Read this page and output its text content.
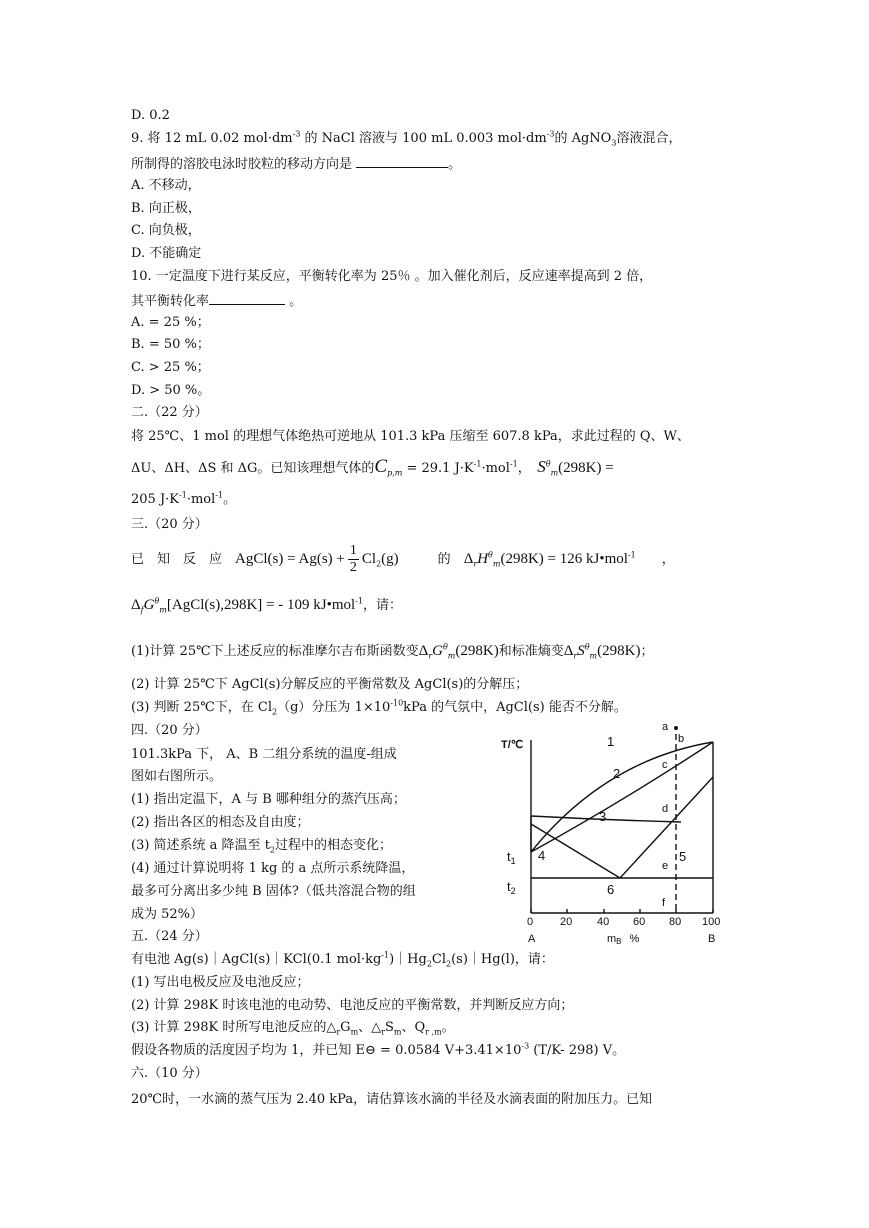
D. 0.2
9. 将 12 mL 0.02 $mol\cdot dm^{-3}$ 的 NaCl 溶液与 100 mL 0.003 $mol\cdot dm^{-3}$的 AgNO$_3$溶液混合，
所制得的溶胶电泳时胶粒的移动方向是	。
A. 不移动，
B. 向正极，
C. 向负极，
D. 不能确定
10. 一定温度下进行某反应，平衡转化率为 25％ 。加入催化剂后，反应速率提高到 2 倍，
其平衡转化率	。
A. = 25 %；
B. = 50 %；
C. > 25 %；
D. > 50 %。
二.（22 分）
将 25℃、1 mol 的理想气体绝热可逆地从 101.3 kPa 压缩至 607.8 kPa，求此过程的 Q、W、
ΔU、ΔH、ΔS 和 ΔG。已知该理想气体的$C_{p,m} = 29.1$ $J\cdot K^{-1}\cdot mol^{-1}$，　 $S^\theta_m(298K)$ =
205 $J\cdot K^{-1}\cdot mol^{-1}$。
三.（20 分）
已　知　反　应　 AgCl(s) = $Ag(s) + \frac{1}{2} Cl_2(g)$　　　	的　 $\Delta_rH^\theta_m(298K) = 126$ kJ•mol$^{-1}$　　 ，
$\Delta_fG^\theta_m[AgCl(s),298K]$ = - 109 kJ•mol$^{-1}$，请：
(1)计算 25℃下上述反应的标准摩尔吉布斯函数变$\Delta_rG^\theta_m(298K)$和标准熵变$\Delta_rS^\theta_m(298K)$；
(2) 计算 25℃下 AgCl(s)分解反应的平衡常数及 AgCl(s)的分解压；
(3) 判断 25℃下，在 $Cl_2(g)$分压为 $1\times 10^{-10}kPa$ 的气氛中，AgCl(s) 能否不分解。
四.（20 分）
101.3kPa 下， A、B 二组分系统的温度-组成
图如右图所示。
(1) 指出定温下，A 与 B 哪种组分的蒸汽压高；
(2) 指出各区的相态及自由度；
(3) 简述系统 a 降温至 $t_2$过程中的相态变化；
(4) 通过计算说明将 1 kg 的 a 点所示系统降温，
最多可分离出多少纯 B 固体?（低共溶混合物的组
成为 52%）
T/℃	1
2
3
4	5
6
a
b
c
d
e
f
$t_1$
$t_2$
0 20 40 60 80 100
A	B
mB %
五.（24 分）
有电池 Ag(s)｜AgCl(s)｜KCl(0.1 $mol\cdot kg^{-1})|Hg_2Cl_2(s)|Hg(l)$，请：
(1) 写出电极反应及电池反应；
(2) 计算 298K 时该电池的电动势、电池反应的平衡常数，并判断反应方向；
(3) 计算 298K 时所写电池反应的$\triangle_rG_m$、$\triangle_rS_m$、$Q_{r ,m}$。
假设各物质的活度因子均为 1，并已知 E⊖ = 0.0584 $V+3.41\times 10^{-3}$ (T/K- 298) V。
六.（10 分）
20℃时，一水滴的蒸气压为 2.40 kPa，请估算该水滴的半径及水滴表面的附加压力。已知
